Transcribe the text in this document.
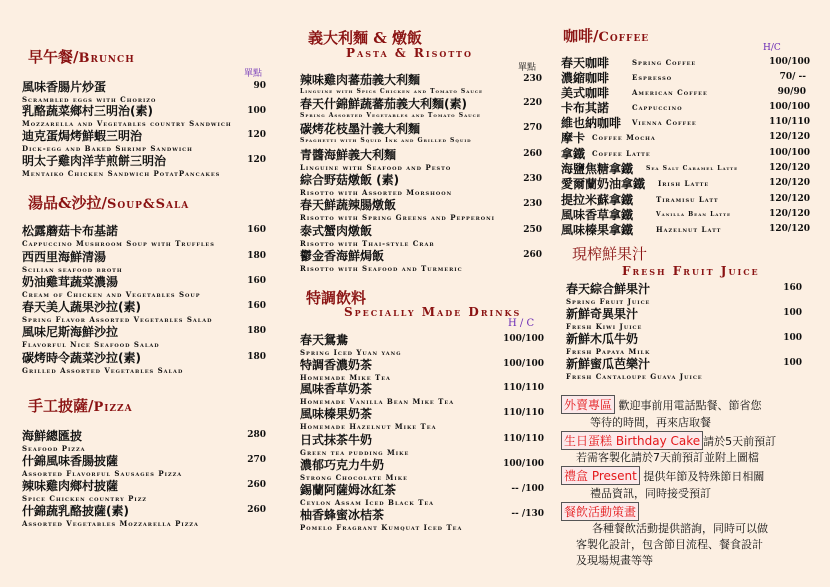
早午餐/Brunch
單點
風味香腸片炒蛋
Scrambled eggs with Chorizo
90
乳酪蔬菜鄉村三明治(素)
Mozzarella and Vegetables country Sandwich
100
迪克蛋焗烤鮮蝦三明治
Dick-egg and Baked Shrimp Sandwich
120
明太子雞肉洋芋煎餅三明治
Mentaiko Chicken Sandwich PotatPancakes
120
湯品&沙拉/Soup&Sala
松露蘑菇卡布基諾
Cappuccino Mushroom Soup with Truffles
160
西西里海鮮清湯
Scilian seafood broth
180
奶油雞茸蔬菜濃湯
Cream of Chicken and Vegetables Soup
160
春天美人蔬果沙拉(素)
Spring Flavor Assorted Vegetables Salad
160
風味尼斯海鮮沙拉
Flavorful Nice Seafood Salad
180
碳烤時令蔬菜沙拉(素)
Grilled Assorted Vegetables Salad
180
手工披薩/Pizza
海鮮總匯披
Seafood Pizza
280
什錦風味香腸披薩
Assorted Flavorful Sausages Pizza
270
辣味雞肉鄉村披薩
Spice Chicken country Pizz
260
什錦蔬乳酪披薩(素)
Assorted Vegetables Mozzarella Pizza
260
義大利麵 & 燉飯
Pasta & Risotto
單點
辣味雞肉蕃茄義大利麵
Linguine with Spics Chicken and Tomato Sauce
230
春天什錦鮮蔬蕃茄義大利麵(素)
Spring Assorted Vegetables and Tomato Sauce
220
碳烤花枝墨汁義大利麵
Spaghetti with Squid Ink and Grilled Squid
270
青醬海鮮義大利麵
Linguine with Seafood and Pesto
260
綜合野菇燉飯 (素)
Risotto with Assorted Morshoon
230
春天鮮蔬辣腸燉飯
Risotto with Spring Greens and Pepperoni
230
泰式蟹肉燉飯
Risotto with Thai-style Crab
250
鬱金香海鮮焗飯
Risotto with Seafood and Turmeric
260
特調飲料
Specially Made Drinks
H / C
春天鴛鴦
Spring Iced Yuan yang
100/100
特調香濃奶茶
Homemade Mike Tea
100/100
風味香草奶茶
Homemade Vanilla Bean Mike Tea
110/110
風味榛果奶茶
Homemade Hazelnut Mike Tea
110/110
日式抹茶牛奶
Green tea pudding Mike
110/110
濃郁巧克力牛奶
Strong Chocolate Mike
100/100
錫蘭阿薩姆冰紅茶
Ceylon Assam Iced Black Tea
-- /100
柚香蜂蜜冰桔茶
Pomelo Fragrant Kumquat Iced Tea
-- /130
咖啡/Coffee
H/C
春天咖啡	Spring Coffee	100/100
濃縮咖啡	Espresso	70/ --
美式咖啡	American Coffee	90/90
卡布其諾	Cappuccino	100/100
維也納咖啡 Vienna Coffee	110/110
摩卡 Coffee Mocha	120/120
拿鐵 Coffee Latte	100/100
海鹽焦糖拿鐵 Sea Salt Caramel Latte	120/120
愛爾蘭奶油拿鐵 Irish Latte	120/120
提拉米蘇拿鐵	Tiramisu Latt	120/120
風味香草拿鐵	Vanilla Bean Latte	120/120
風味榛果拿鐵	Hazelnut Latt	120/120
現榨鮮果汁
Fresh Fruit Juice
春天綜合鮮果汁
Spring Fruit Juice
160
新鮮奇異果汁
Fresh Kiwi Juice
100
新鮮木瓜牛奶
Fresh Papaya Milk
100
新鮮蜜瓜芭樂汁
Fresh Cantaloupe Guava Juice
100
外賣專區 歡迎事前用電話點餐、節省您
等待的時間，再來店取餐
生日蛋糕 Birthday Cake 請於5天前預訂
若需客製化請於7天前預訂並附上圖檔
禮盒 Present 提供年節及特殊節日相關
禮品資訊，同時接受預訂
餐飲活動策畫
各種餐飲活動提供諮詢，同時可以做
客製化設計，包含節目流程、餐食設計
及現場規畫等等
